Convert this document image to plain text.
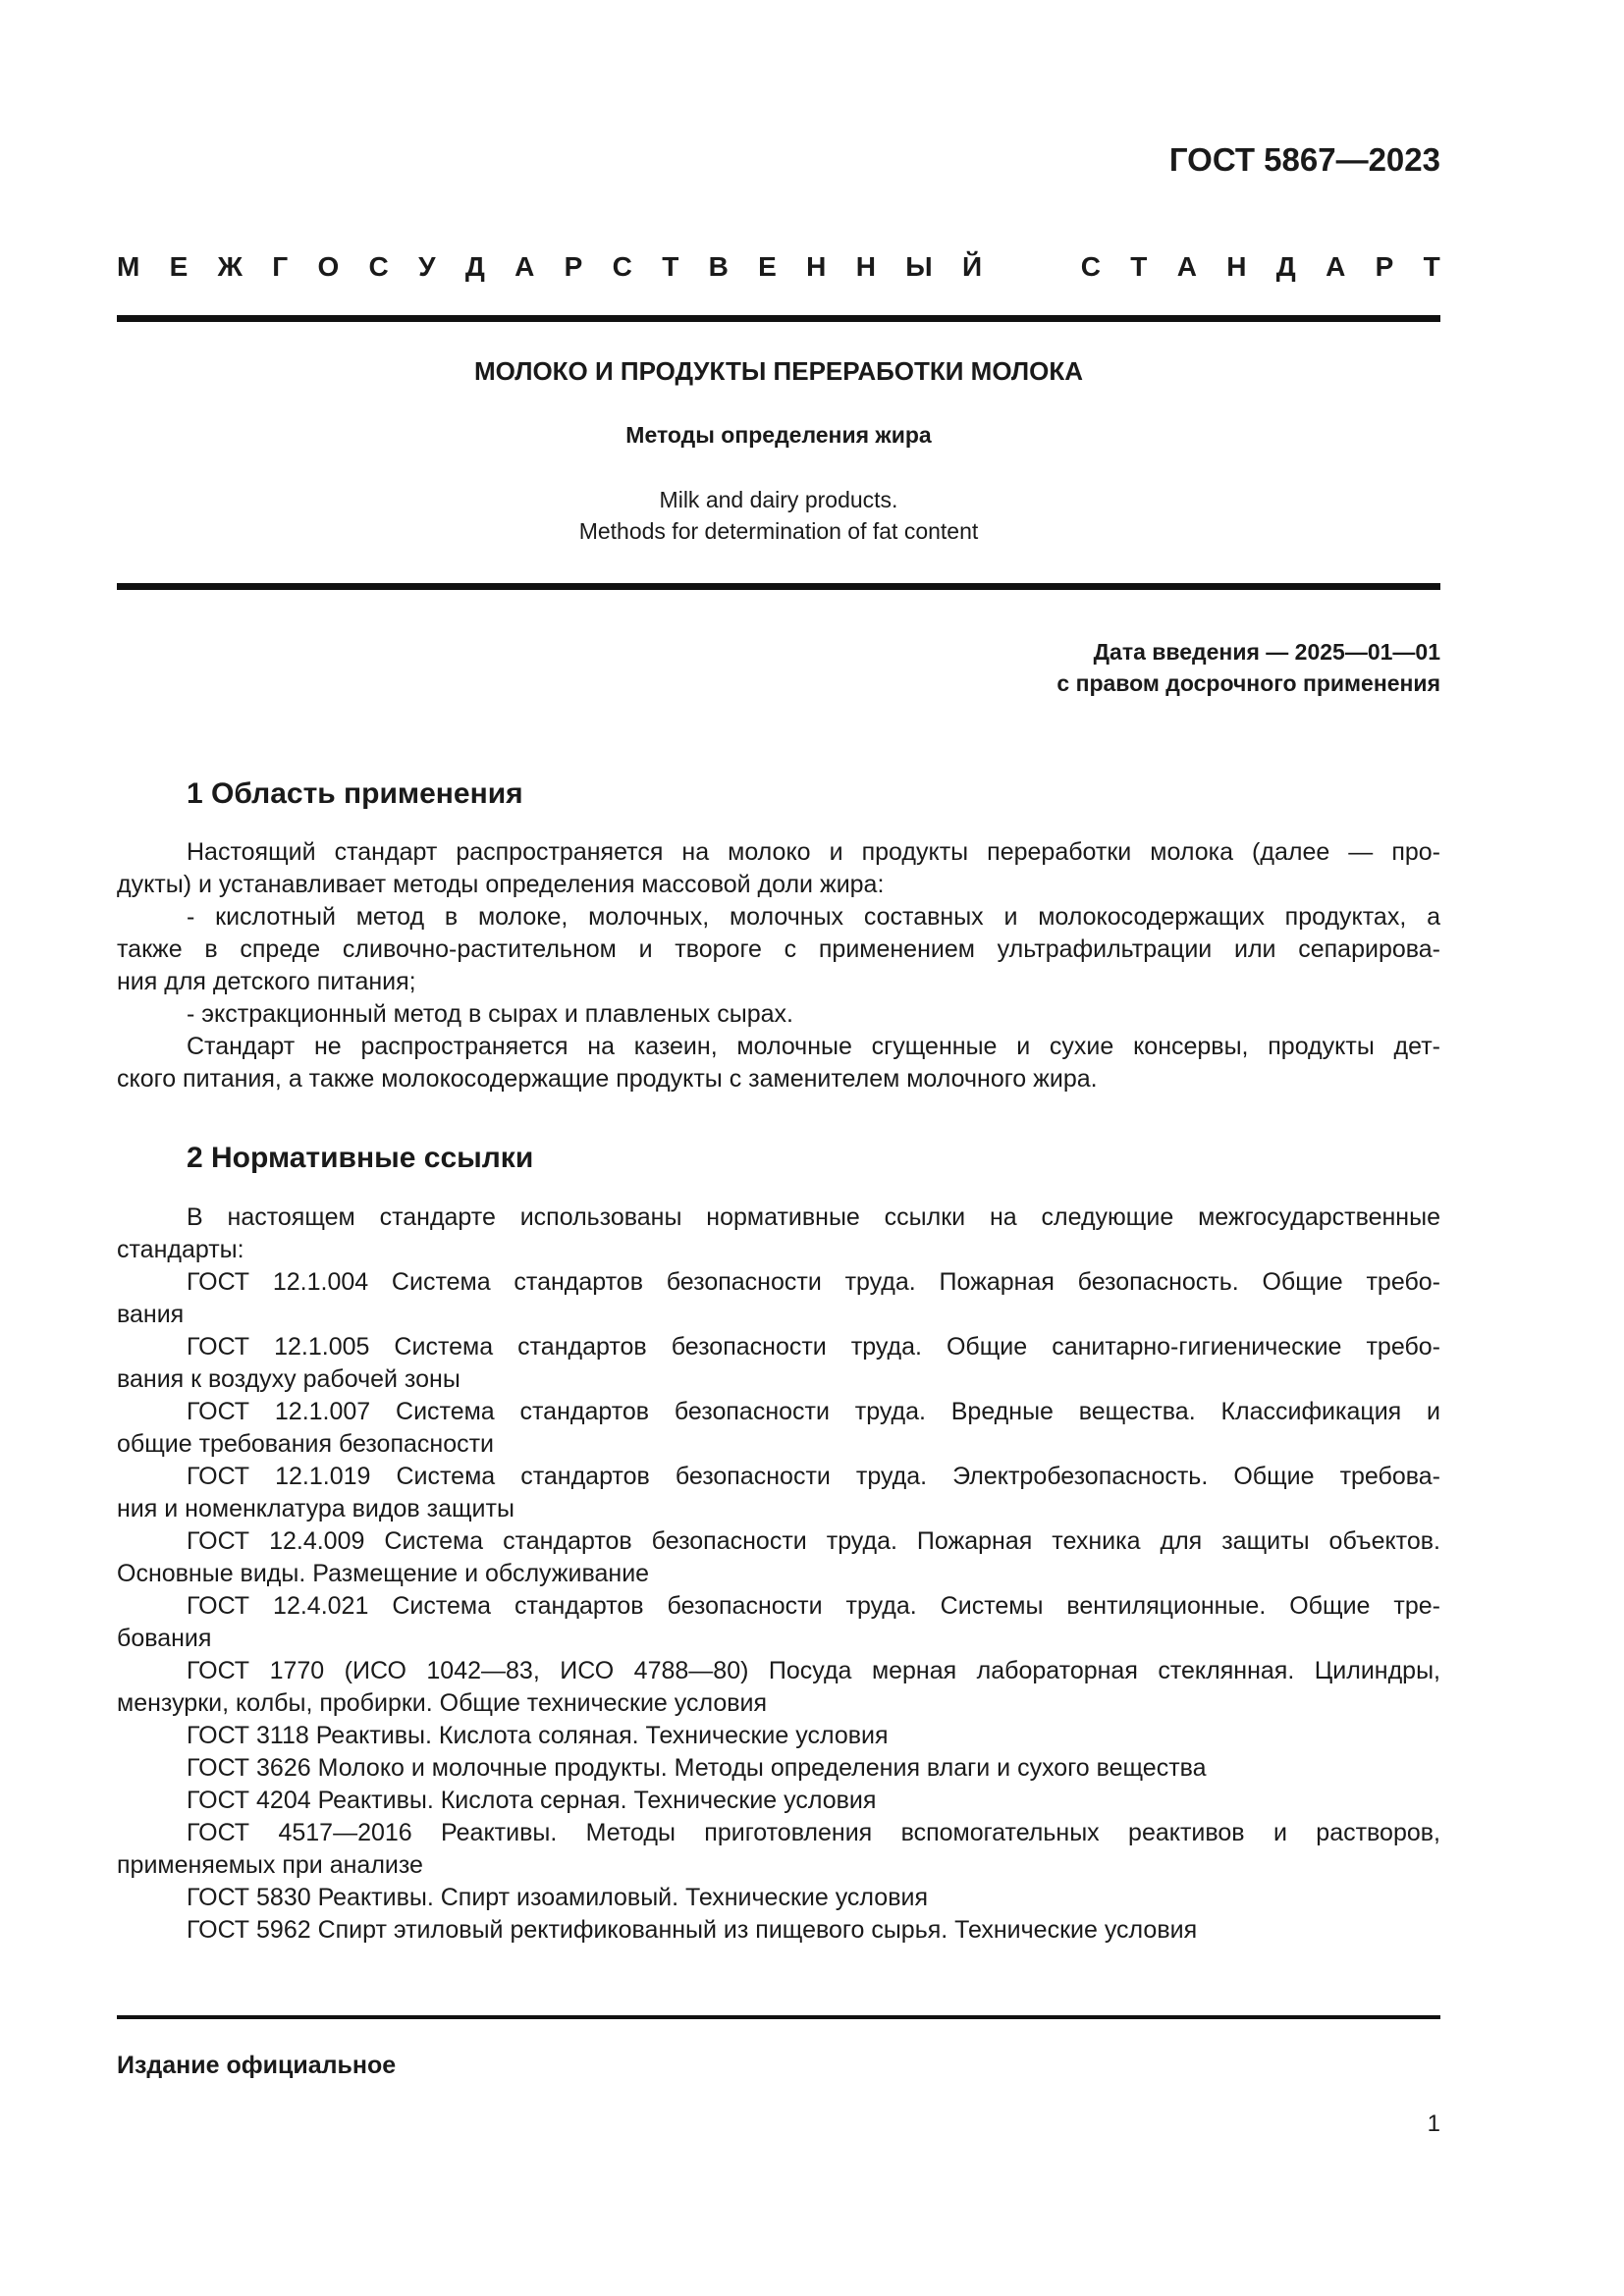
ГОСТ 5867—2023
М Е Ж Г О С У Д А Р С Т В Е Н Н Ы Й	С Т А Н Д А Р Т
МОЛОКО И ПРОДУКТЫ ПЕРЕРАБОТКИ МОЛОКА
Методы определения жира
Milk and dairy products.
Methods for determination of fat content
Дата введения — 2025—01—01
с правом досрочного применения
1 Область применения
Настоящий стандарт распространяется на молоко и продукты переработки молока (далее — про-
дукты) и устанавливает методы определения массовой доли жира:
- кислотный метод в молоке, молочных, молочных составных и молокосодержащих продуктах, а
также в спреде сливочно-растительном и твороге с применением ультрафильтрации или сепарирова-
ния для детского питания;
- экстракционный метод в сырах и плавленых сырах.
Стандарт не распространяется на казеин, молочные сгущенные и сухие консервы, продукты дет-
ского питания, а также молокосодержащие продукты с заменителем молочного жира.
2 Нормативные ссылки
В настоящем стандарте использованы нормативные ссылки на следующие межгосударственные
стандарты:
ГОСТ 12.1.004 Система стандартов безопасности труда. Пожарная безопасность. Общие требо-
вания
ГОСТ 12.1.005 Система стандартов безопасности труда. Общие санитарно-гигиенические требо-
вания к воздуху рабочей зоны
ГОСТ 12.1.007 Система стандартов безопасности труда. Вредные вещества. Классификация и
общие требования безопасности
ГОСТ 12.1.019 Система стандартов безопасности труда. Электробезопасность. Общие требова-
ния и номенклатура видов защиты
ГОСТ 12.4.009 Система стандартов безопасности труда. Пожарная техника для защиты объектов.
Основные виды. Размещение и обслуживание
ГОСТ 12.4.021 Система стандартов безопасности труда. Системы вентиляционные. Общие тре-
бования
ГОСТ 1770 (ИСО 1042—83, ИСО 4788—80) Посуда мерная лабораторная стеклянная. Цилиндры,
мензурки, колбы, пробирки. Общие технические условия
ГОСТ 3118 Реактивы. Кислота соляная. Технические условия
ГОСТ 3626 Молоко и молочные продукты. Методы определения влаги и сухого вещества
ГОСТ 4204 Реактивы. Кислота серная. Технические условия
ГОСТ 4517—2016 Реактивы. Методы приготовления вспомогательных реактивов и растворов,
применяемых при анализе
ГОСТ 5830 Реактивы. Спирт изоамиловый. Технические условия
ГОСТ 5962 Спирт этиловый ректификованный из пищевого сырья. Технические условия
Издание официальное
1
